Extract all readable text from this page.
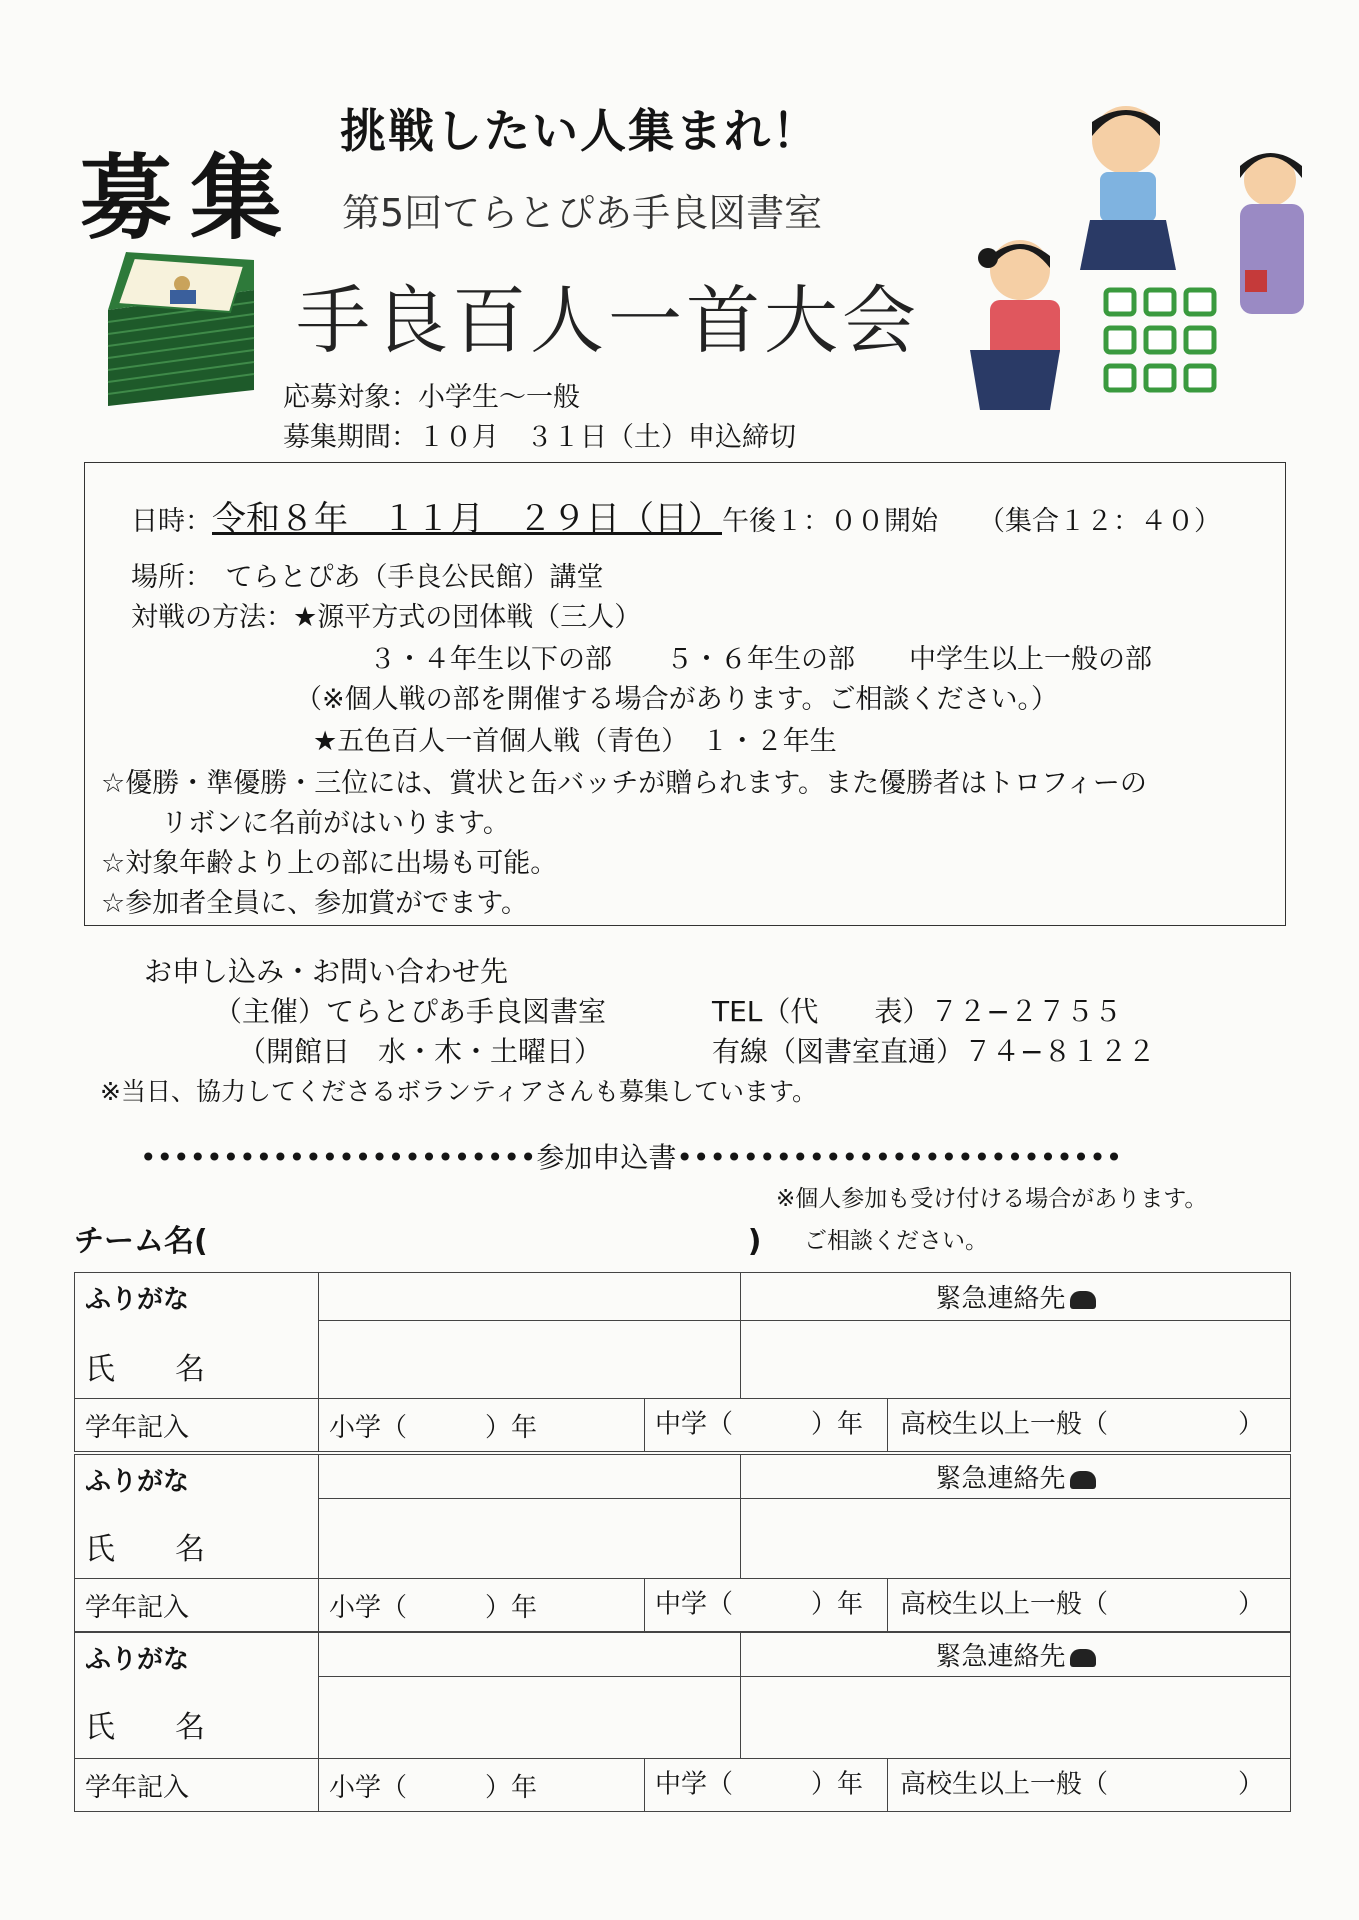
募集
挑戦したい人集まれ！
第5回てらとぴあ手良図書室
手良百人一首大会
応募対象：小学生～一般
募集期間：１０月　３１日（土）申込締切
日時：令和８年　１１月　２９日（日）午後１：００開始 （集合１２：４０）
場所：　てらとぴあ（手良公民館）講堂
対戦の方法：★源平方式の団体戦（三人）
３・４年生以下の部　　５・６年生の部　　中学生以上一般の部
（※個人戦の部を開催する場合があります。ご相談ください。）
★五色百人一首個人戦（青色）　１・２年生
☆優勝・準優勝・三位には、賞状と缶バッチが贈られます。また優勝者はトロフィーの
リボンに名前がはいります。
☆対象年齢より上の部に出場も可能。
☆参加者全員に、参加賞がでます。
お申し込み・お問い合わせ先
（主催）てらとぴあ手良図書室
（開館日　水・木・土曜日）
TEL（代　　表）７２−２７５５
有線（図書室直通）７４−８１２２
※当日、協力してくださるボランティアさんも募集しています。
••••••••••••••••••••••••参加申込書•••••••••••••••••••••••••••
※個人参加も受け付ける場合があります。
ご相談ください。
チーム名(　　　　　　　　　　　　　　　　　　)
ふりがな
氏　　名			緊急連絡先

学年記入	小学（　　　）年	中学（　　　）年 高校生以上一般（　　　　　）	
ふりがな
氏　　名			緊急連絡先

学年記入	小学（　　　）年	中学（　　　）年 高校生以上一般（　　　　　）	
ふりがな
氏　　名			緊急連絡先

学年記入	小学（　　　）年	中学（　　　）年 高校生以上一般（　　　　　）	
